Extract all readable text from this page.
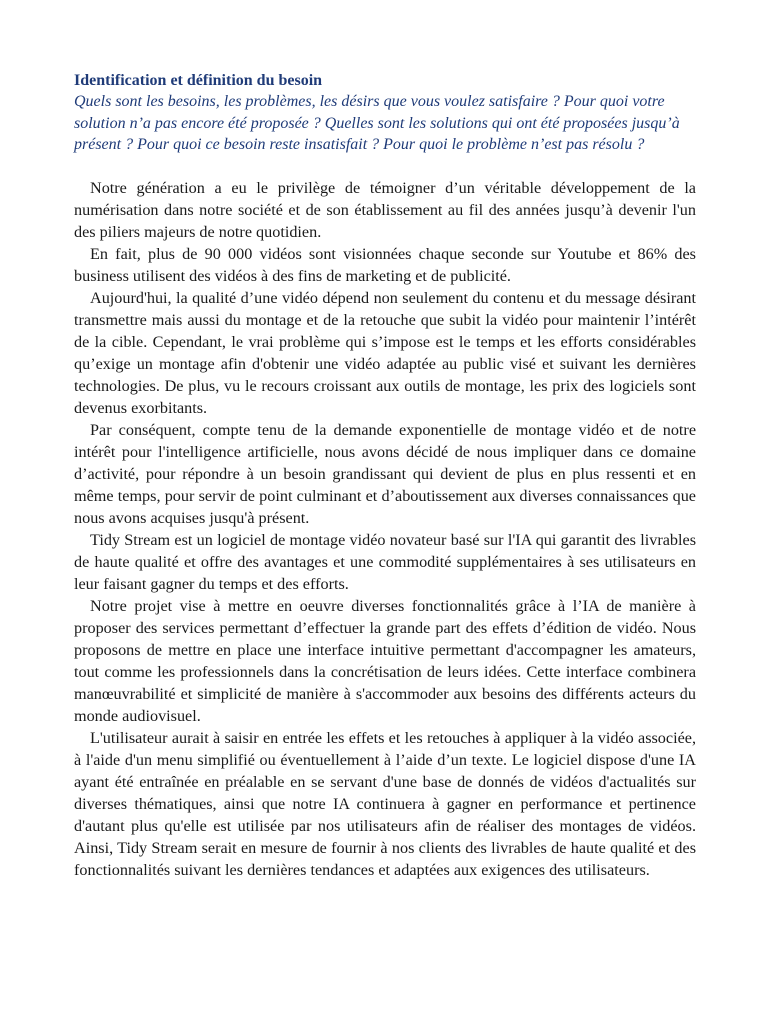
Identification et définition du besoin

Quels sont les besoins, les problèmes, les désirs que vous voulez satisfaire ? Pour quoi votre solution n’a pas encore été proposée ? Quelles sont les solutions qui ont été proposées jusqu’à présent ? Pour quoi ce besoin reste insatisfait ? Pour quoi le problème n’est pas résolu ?

Notre génération a eu le privilège de témoigner d’un véritable développement de la numérisation dans notre société et de son établissement au fil des années jusqu’à devenir l'un des piliers majeurs de notre quotidien.

En fait, plus de 90 000 vidéos sont visionnées chaque seconde sur Youtube et 86% des business utilisent des vidéos à des fins de marketing et de publicité.

Aujourd'hui, la qualité d’une vidéo dépend non seulement du contenu et du message désirant transmettre mais aussi du montage et de la retouche que subit la vidéo pour maintenir l’intérêt de la cible. Cependant, le vrai problème qui s’impose est le temps et les efforts considérables qu’exige un montage afin d'obtenir une vidéo adaptée au public visé et suivant les dernières technologies. De plus, vu le recours croissant aux outils de montage, les prix des logiciels sont devenus exorbitants.

Par conséquent, compte tenu de la demande exponentielle de montage vidéo et de notre intérêt pour l'intelligence artificielle, nous avons décidé de nous impliquer dans ce domaine d’activité, pour répondre à un besoin grandissant qui devient de plus en plus ressenti et en même temps, pour servir de point culminant et d’aboutissement aux diverses connaissances que nous avons acquises jusqu'à présent.

Tidy Stream est un logiciel de montage vidéo novateur basé sur l'IA qui garantit des livrables de haute qualité et offre des avantages et une commodité supplémentaires à ses utilisateurs en leur faisant gagner du temps et des efforts.

Notre projet vise à mettre en oeuvre diverses fonctionnalités grâce à l’IA de manière à proposer des services permettant d’effectuer la grande part des effets d’édition de vidéo. Nous proposons de mettre en place une interface intuitive permettant d'accompagner les amateurs, tout comme les professionnels dans la concrétisation de leurs idées. Cette interface combinera manœuvrabilité et simplicité de manière à s'accommoder aux besoins des différents acteurs du monde audiovisuel.

L'utilisateur aurait à saisir en entrée les effets et les retouches à appliquer à la vidéo associée, à l'aide d'un menu simplifié ou éventuellement à l’aide d’un texte. Le logiciel dispose d'une IA ayant été entraînée en préalable en se servant d'une base de donnés de vidéos d'actualités sur diverses thématiques, ainsi que notre IA continuera à gagner en performance et pertinence d'autant plus qu'elle est utilisée par nos utilisateurs afin de réaliser des montages de vidéos. Ainsi, Tidy Stream serait en mesure de fournir à nos clients des livrables de haute qualité et des fonctionnalités suivant les dernières tendances et adaptées aux exigences des utilisateurs.
